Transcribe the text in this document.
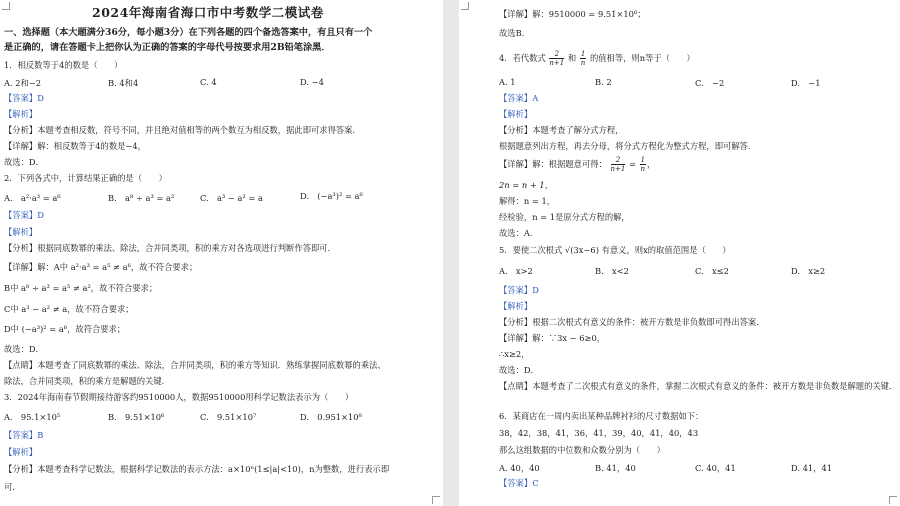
2024年海南省海口市中考数学二模试卷
一、选择题（本大题满分36分，每小题3分）在下列各题的四个备选答案中，有且只有一个
是正确的，请在答题卡上把你认为正确的答案的字母代号按要求用2B铅笔涂黑．
1．相反数等于4的数是（　　）
A. 2和−2	B. 4和4	C. 4	D. −4
【答案】D
【解析】
【分析】本题考查相反数，符号不同，并且绝对值相等的两个数互为相反数，据此即可求得答案．
【详解】解：相反数等于4的数是−4，
故选：D．
2．下列各式中，计算结果正确的是（　　）
A.　a²·a³ = a⁶	B.　a⁸ ÷ a³ = a²	C.　a³ − a² = a	D.　(−a³)² = a⁶
【答案】D
【解析】
【分析】根据同底数幂的乘法、除法，合并同类项，积的乘方对各选项进行判断作答即可．
【详解】解：A中 a²·a³ = a⁵ ≠ a⁶，故不符合要求；
B中 a⁸ ÷ a³ = a⁵ ≠ a²，故不符合要求；
C中 a³ − a² ≠ a，故不符合要求；
D中 (−a³)² = a⁶，故符合要求；
故选：D．
【点睛】本题考查了同底数幂的乘法、除法，合并同类项，积的乘方等知识．熟练掌握同底数幂的乘法、
除法，合并同类项，积的乘方是解题的关键．
3．2024年海南春节假期接待游客约9510000人，数据9510000用科学记数法表示为（　　）
A.　95.1×10⁵	B.　9.51×10⁶	C.　9.51×10⁷	D.　0.951×10⁸
【答案】B
【解析】
【分析】本题考查科学记数法，根据科学记数法的表示方法：a×10ⁿ(1≤|a|<10)，n为整数，进行表示即
可．
【详解】解：9510000 = 9.51×10⁶；
故选B．
4．若代数式 $\frac{2}{n+1}$ 和 $\frac{1}{n}$ 的值相等，则n等于（　　）
A. 1	B. 2	C.　−2	D.　−1
【答案】A
【解析】
【分析】本题考查了解分式方程，
根据题意列出方程，再去分母，将分式方程化为整式方程，即可解答．
【详解】解：根据题意可得： $\frac{2}{n+1} = \frac{1}{n}$ ，
2n = n + 1，
解得：n = 1，
经检验，n = 1是原分式方程的解，
故选：A．
5．要使二次根式 √(3x−6) 有意义，则x的取值范围是（　　）
A.　x>2	B.　x<2	C.　x≤2	D.　x≥2
【答案】D
【解析】
【分析】根据二次根式有意义的条件：被开方数是非负数即可得出答案．
【详解】解：∵3x − 6≥0，
∴x≥2，
故选：D．
【点睛】本题考查了二次根式有意义的条件，掌握二次根式有意义的条件：被开方数是非负数是解题的关键．
6．某商店在一周内卖出某种品牌衬衫的尺寸数据如下：
38，42，38，41，36，41，39，40，41，40，43
那么这组数据的中位数和众数分别为（　　）
A. 40，40	B. 41，40	C. 40，41	D. 41，41
【答案】C
